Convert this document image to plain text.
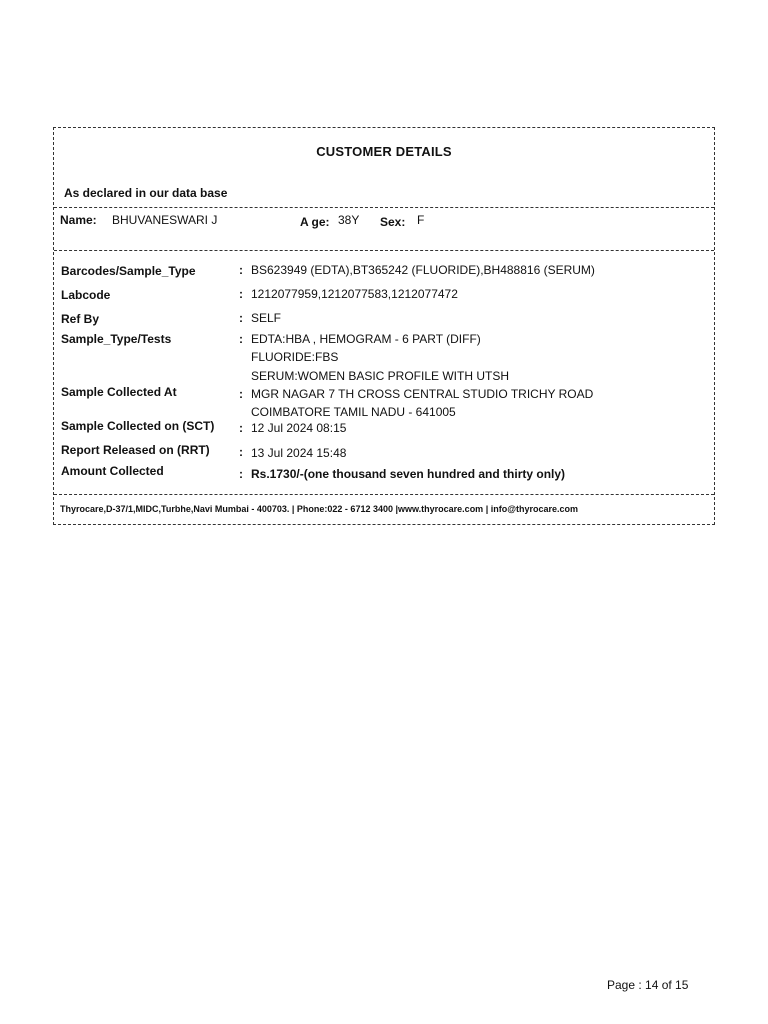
CUSTOMER DETAILS
As declared in our data base
Name: BHUVANESWARI J	A ge: 38Y Sex: F
Barcodes/Sample_Type	: BS623949 (EDTA),BT365242 (FLUORIDE),BH488816 (SERUM)
Labcode	: 1212077959,1212077583,1212077472
Ref By	: SELF
Sample_Type/Tests	: EDTA:HBA , HEMOGRAM - 6 PART (DIFF)
FLUORIDE:FBS
SERUM:WOMEN BASIC PROFILE WITH UTSH
Sample Collected At	: MGR NAGAR 7 TH CROSS CENTRAL STUDIO TRICHY ROAD
COIMBATORE TAMIL NADU - 641005
Sample Collected on (SCT) : 12 Jul 2024 08:15
Report Released on (RRT) : 13 Jul 2024 15:48
Amount Collected	: Rs.1730/-(one thousand seven hundred and thirty only)
Thyrocare,D-37/1,MIDC,Turbhe,Navi Mumbai - 400703. | Phone:022 - 6712 3400 |www.thyrocare.com | info@thyrocare.com
Page : 14 of 15
